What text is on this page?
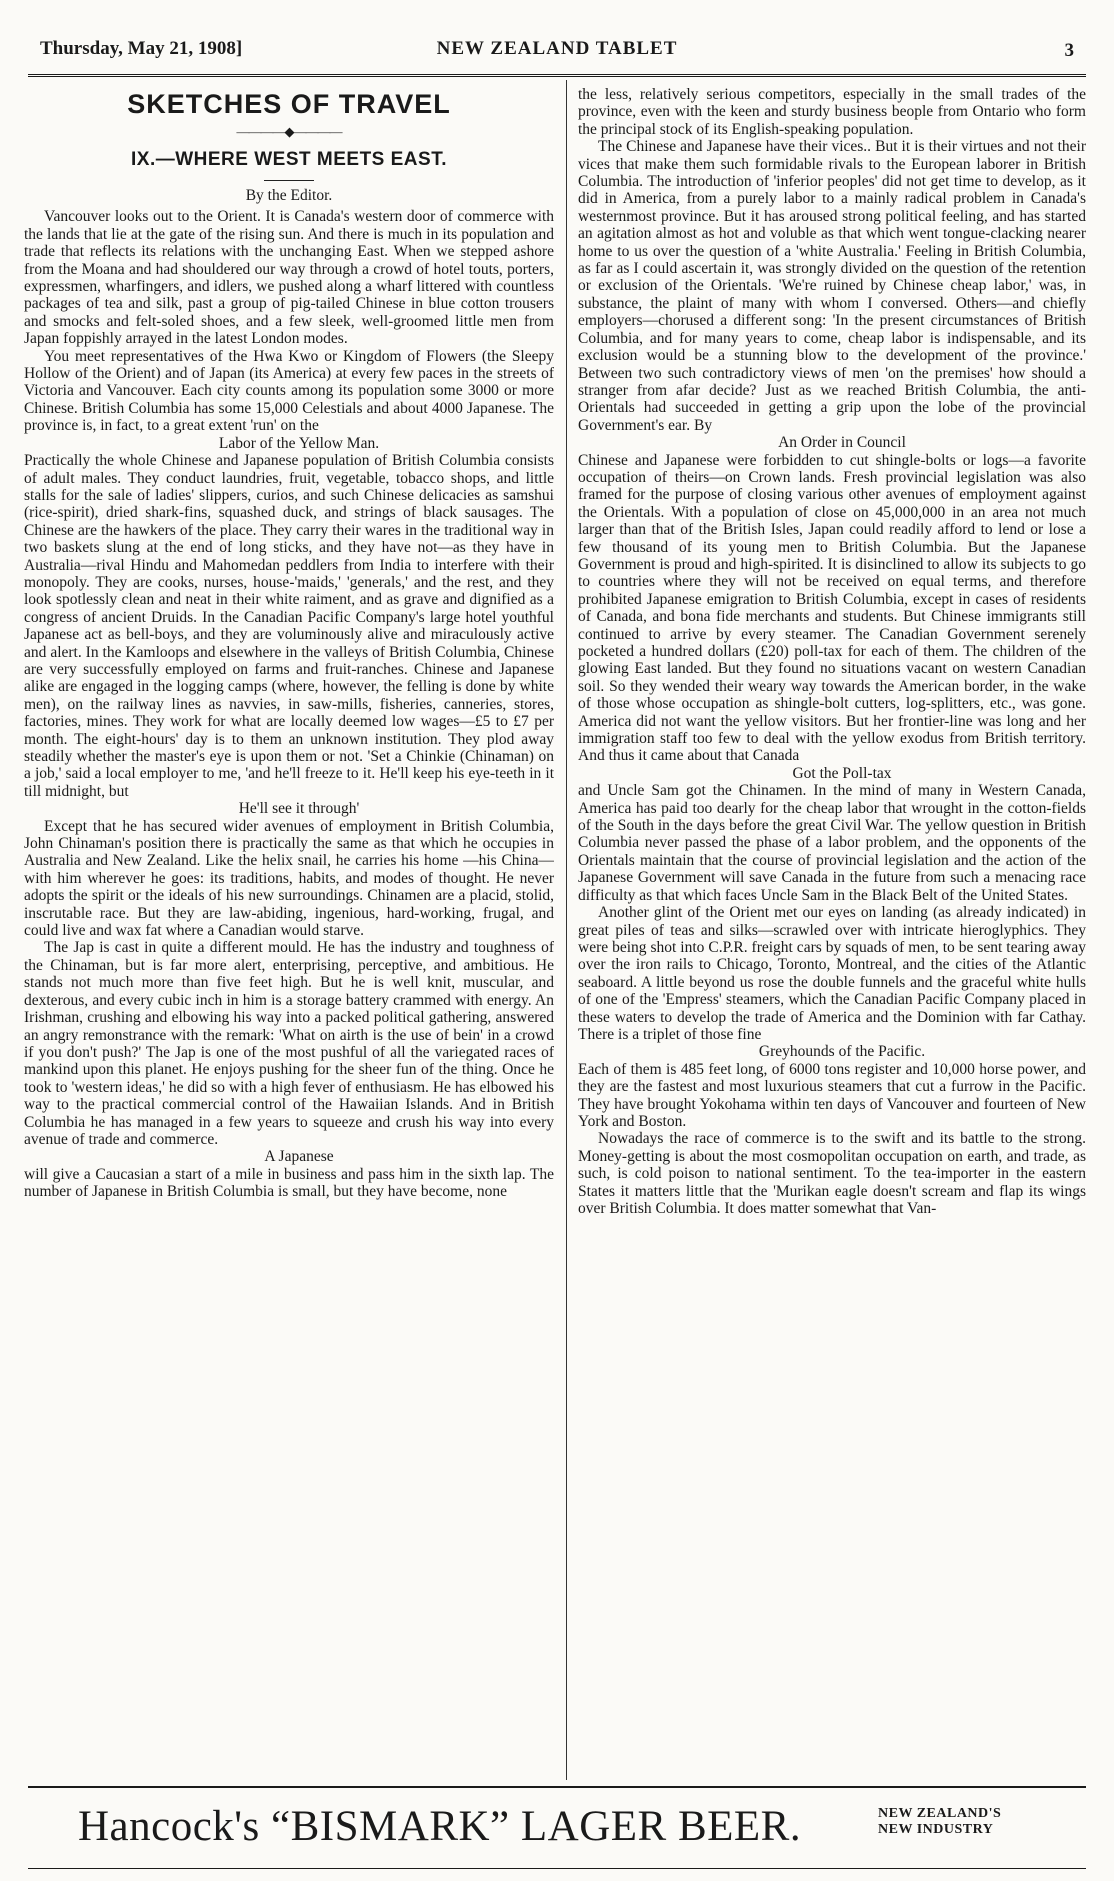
Thursday, May 21, 1908]	NEW ZEALAND TABLET	3
SKETCHES OF TRAVEL
————◆————
IX.—WHERE WEST MEETS EAST.
By the Editor.

Vancouver looks out to the Orient. It is Canada's western door of commerce with the lands that lie at the gate of the rising sun. And there is much in its population and trade that reflects its relations with the unchanging East. When we stepped ashore from the Moana and had shouldered our way through a crowd of hotel touts, porters, expressmen, wharfingers, and idlers, we pushed along a wharf littered with countless packages of tea and silk, past a group of pig-tailed Chinese in blue cotton trousers and smocks and felt-soled shoes, and a few sleek, well-groomed little men from Japan foppishly arrayed in the latest London modes.

You meet representatives of the Hwa Kwo or Kingdom of Flowers (the Sleepy Hollow of the Orient) and of Japan (its America) at every few paces in the streets of Victoria and Vancouver. Each city counts among its population some 3000 or more Chinese. British Columbia has some 15,000 Celestials and about 4000 Japanese. The province is, in fact, to a great extent 'run' on the

Labor of the Yellow Man.

Practically the whole Chinese and Japanese population of British Columbia consists of adult males. They conduct laundries, fruit, vegetable, tobacco shops, and little stalls for the sale of ladies' slippers, curios, and such Chinese delicacies as samshui (rice-spirit), dried shark-fins, squashed duck, and strings of black sausages. The Chinese are the hawkers of the place. They carry their wares in the traditional way in two baskets slung at the end of long sticks, and they have not—as they have in Australia—rival Hindu and Mahomedan peddlers from India to interfere with their monopoly. They are cooks, nurses, house-'maids,' 'generals,' and the rest, and they look spotlessly clean and neat in their white raiment, and as grave and dignified as a congress of ancient Druids. In the Canadian Pacific Company's large hotel youthful Japanese act as bell-boys, and they are voluminously alive and miraculously active and alert. In the Kamloops and elsewhere in the valleys of British Columbia, Chinese are very successfully employed on farms and fruit-ranches. Chinese and Japanese alike are engaged in the logging camps (where, however, the felling is done by white men), on the railway lines as navvies, in saw-mills, fisheries, canneries, stores, factories, mines. They work for what are locally deemed low wages—£5 to £7 per month. The eight-hours' day is to them an unknown institution. They plod away steadily whether the master's eye is upon them or not. 'Set a Chinkie (Chinaman) on a job,' said a local employer to me, 'and he'll freeze to it. He'll keep his eye-teeth in it till midnight, but

He'll see it through'

Except that he has secured wider avenues of employment in British Columbia, John Chinaman's position there is practically the same as that which he occupies in Australia and New Zealand. Like the helix snail, he carries his home —his China—with him wherever he goes: its traditions, habits, and modes of thought. He never adopts the spirit or the ideals of his new surroundings. Chinamen are a placid, stolid, inscrutable race. But they are law-abiding, ingenious, hard-working, frugal, and could live and wax fat where a Canadian would starve.

The Jap is cast in quite a different mould. He has the industry and toughness of the Chinaman, but is far more alert, enterprising, perceptive, and ambitious. He stands not much more than five feet high. But he is well knit, muscular, and dexterous, and every cubic inch in him is a storage battery crammed with energy. An Irishman, crushing and elbowing his way into a packed political gathering, answered an angry remonstrance with the remark: 'What on airth is the use of bein' in a crowd if you don't push?' The Jap is one of the most pushful of all the variegated races of mankind upon this planet. He enjoys pushing for the sheer fun of the thing. Once he took to 'western ideas,' he did so with a high fever of enthusiasm. He has elbowed his way to the practical commercial control of the Hawaiian Islands. And in British Columbia he has managed in a few years to squeeze and crush his way into every avenue of trade and commerce.

A Japanese

will give a Caucasian a start of a mile in business and pass him in the sixth lap. The number of Japanese in British Columbia is small, but they have become, none

the less, relatively serious competitors, especially in the small trades of the province, even with the keen and sturdy business beople from Ontario who form the principal stock of its English-speaking population.

The Chinese and Japanese have their vices.. But it is their virtues and not their vices that make them such formidable rivals to the European laborer in British Columbia. The introduction of 'inferior peoples' did not get time to develop, as it did in America, from a purely labor to a mainly radical problem in Canada's westernmost province. But it has aroused strong political feeling, and has started an agitation almost as hot and voluble as that which went tongue-clacking nearer home to us over the question of a 'white Australia.' Feeling in British Columbia, as far as I could ascertain it, was strongly divided on the question of the retention or exclusion of the Orientals. 'We're ruined by Chinese cheap labor,' was, in substance, the plaint of many with whom I conversed. Others—and chiefly employers—chorused a different song: 'In the present circumstances of British Columbia, and for many years to come, cheap labor is indispensable, and its exclusion would be a stunning blow to the development of the province.' Between two such contradictory views of men 'on the premises' how should a stranger from afar decide? Just as we reached British Columbia, the anti-Orientals had succeeded in getting a grip upon the lobe of the provincial Government's ear. By

An Order in Council

Chinese and Japanese were forbidden to cut shingle-bolts or logs—a favorite occupation of theirs—on Crown lands. Fresh provincial legislation was also framed for the purpose of closing various other avenues of employment against the Orientals. With a population of close on 45,000,000 in an area not much larger than that of the British Isles, Japan could readily afford to lend or lose a few thousand of its young men to British Columbia. But the Japanese Government is proud and high-spirited. It is disinclined to allow its subjects to go to countries where they will not be received on equal terms, and therefore prohibited Japanese emigration to British Columbia, except in cases of residents of Canada, and bona fide merchants and students. But Chinese immigrants still continued to arrive by every steamer. The Canadian Government serenely pocketed a hundred dollars (£20) poll-tax for each of them. The children of the glowing East landed. But they found no situations vacant on western Canadian soil. So they wended their weary way towards the American border, in the wake of those whose occupation as shingle-bolt cutters, log-splitters, etc., was gone. America did not want the yellow visitors. But her frontier-line was long and her immigration staff too few to deal with the yellow exodus from British territory. And thus it came about that Canada

Got the Poll-tax

and Uncle Sam got the Chinamen. In the mind of many in Western Canada, America has paid too dearly for the cheap labor that wrought in the cotton-fields of the South in the days before the great Civil War. The yellow question in British Columbia never passed the phase of a labor problem, and the opponents of the Orientals maintain that the course of provincial legislation and the action of the Japanese Government will save Canada in the future from such a menacing race difficulty as that which faces Uncle Sam in the Black Belt of the United States.

Another glint of the Orient met our eyes on landing (as already indicated) in great piles of teas and silks—scrawled over with intricate hieroglyphics. They were being shot into C.P.R. freight cars by squads of men, to be sent tearing away over the iron rails to Chicago, Toronto, Montreal, and the cities of the Atlantic seaboard. A little beyond us rose the double funnels and the graceful white hulls of one of the 'Empress' steamers, which the Canadian Pacific Company placed in these waters to develop the trade of America and the Dominion with far Cathay. There is a triplet of those fine

Greyhounds of the Pacific.

Each of them is 485 feet long, of 6000 tons register and 10,000 horse power, and they are the fastest and most luxurious steamers that cut a furrow in the Pacific. They have brought Yokohama within ten days of Vancouver and fourteen of New York and Boston.

Nowadays the race of commerce is to the swift and its battle to the strong. Money-getting is about the most cosmopolitan occupation on earth, and trade, as such, is cold poison to national sentiment. To the tea-importer in the eastern States it matters little that the 'Murikan eagle doesn't scream and flap its wings over British Columbia. It does matter somewhat that Van-

Hancock's “BISMARK” LAGER BEER.	NEW ZEALAND'S
NEW INDUSTRY
